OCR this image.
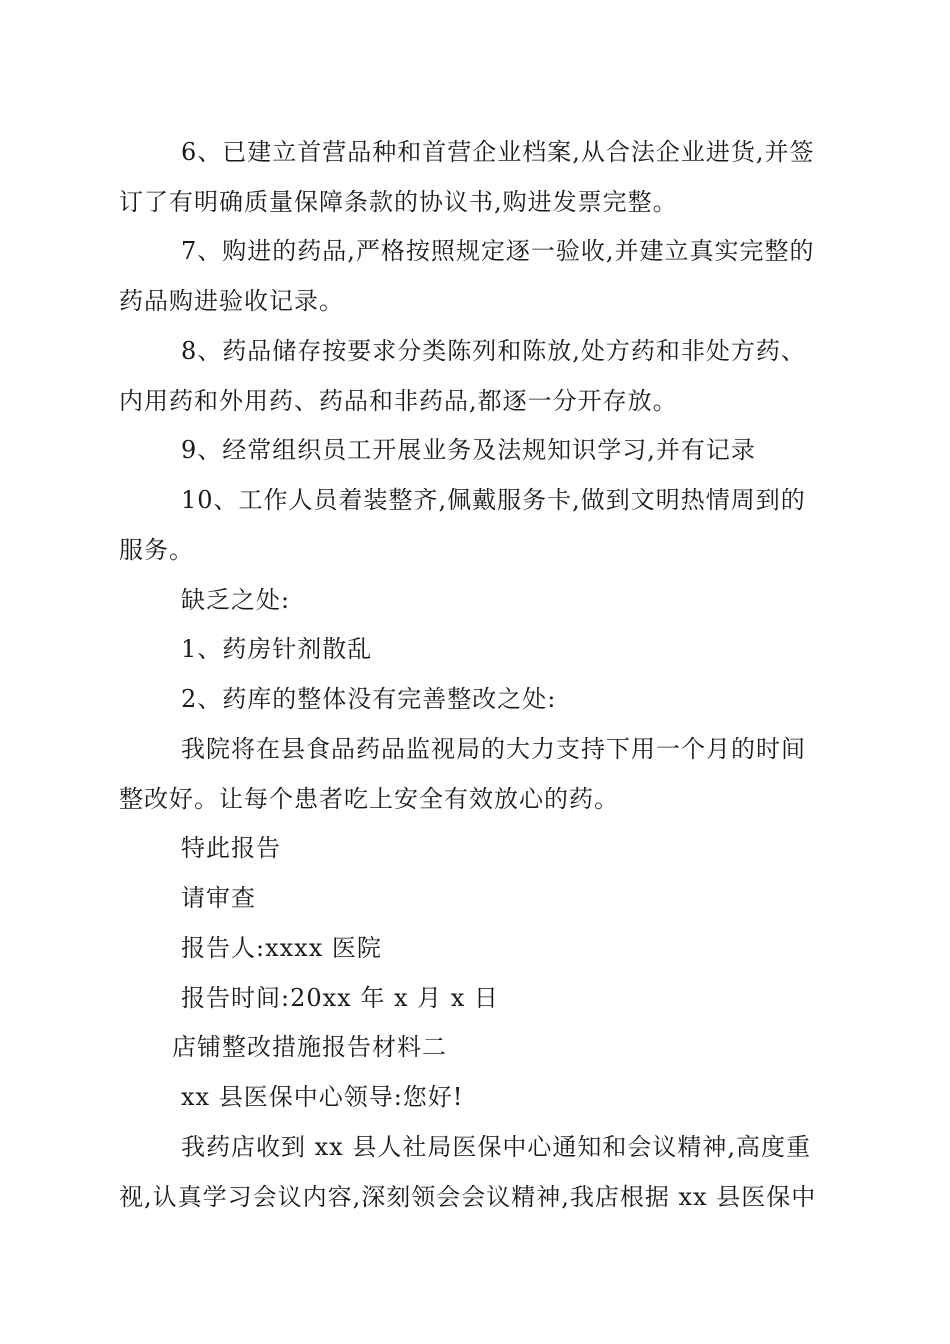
6、已建立首营品种和首营企业档案,从合法企业进货,并签
订了有明确质量保障条款的协议书,购进发票完整。
7、购进的药品,严格按照规定逐一验收,并建立真实完整的
药品购进验收记录。
8、药品储存按要求分类陈列和陈放,处方药和非处方药、
内用药和外用药、药品和非药品,都逐一分开存放。
9、经常组织员工开展业务及法规知识学习,并有记录
10、工作人员着装整齐,佩戴服务卡,做到文明热情周到的
服务。
缺乏之处:
1、药房针剂散乱
2、药库的整体没有完善整改之处:
我院将在县食品药品监视局的大力支持下用一个月的时间
整改好。让每个患者吃上安全有效放心的药。
特此报告
请审查
报告人:xxxx 医院
报告时间:20xx 年 x 月 x 日
店铺整改措施报告材料二
xx 县医保中心领导:您好!
我药店收到 xx 县人社局医保中心通知和会议精神,高度重
视,认真学习会议内容,深刻领会会议精神,我店根据 xx 县医保中
